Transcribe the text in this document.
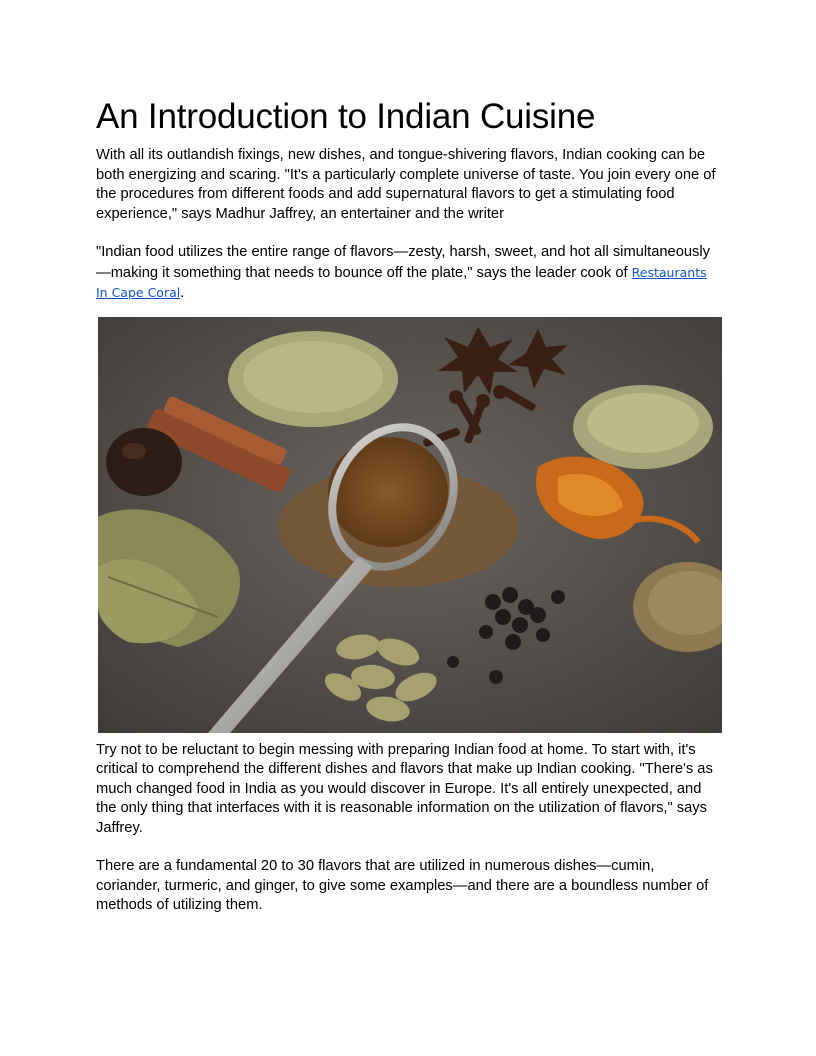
An Introduction to Indian Cuisine

With all its outlandish fixings, new dishes, and tongue-shivering flavors, Indian cooking can be both energizing and scaring. "It's a particularly complete universe of taste. You join every one of the procedures from different foods and add supernatural flavors to get a stimulating food experience," says Madhur Jaffrey, an entertainer and the writer

"Indian food utilizes the entire range of flavors—zesty, harsh, sweet, and hot all simultaneously—making it something that needs to bounce off the plate," says the leader cook of Restaurants In Cape Coral.

Try not to be reluctant to begin messing with preparing Indian food at home. To start with, it's critical to comprehend the different dishes and flavors that make up Indian cooking. "There's as much changed food in India as you would discover in Europe. It's all entirely unexpected, and the only thing that interfaces with it is reasonable information on the utilization of flavors," says Jaffrey.

There are a fundamental 20 to 30 flavors that are utilized in numerous dishes—cumin, coriander, turmeric, and ginger, to give some examples—and there are a boundless number of methods of utilizing them.
